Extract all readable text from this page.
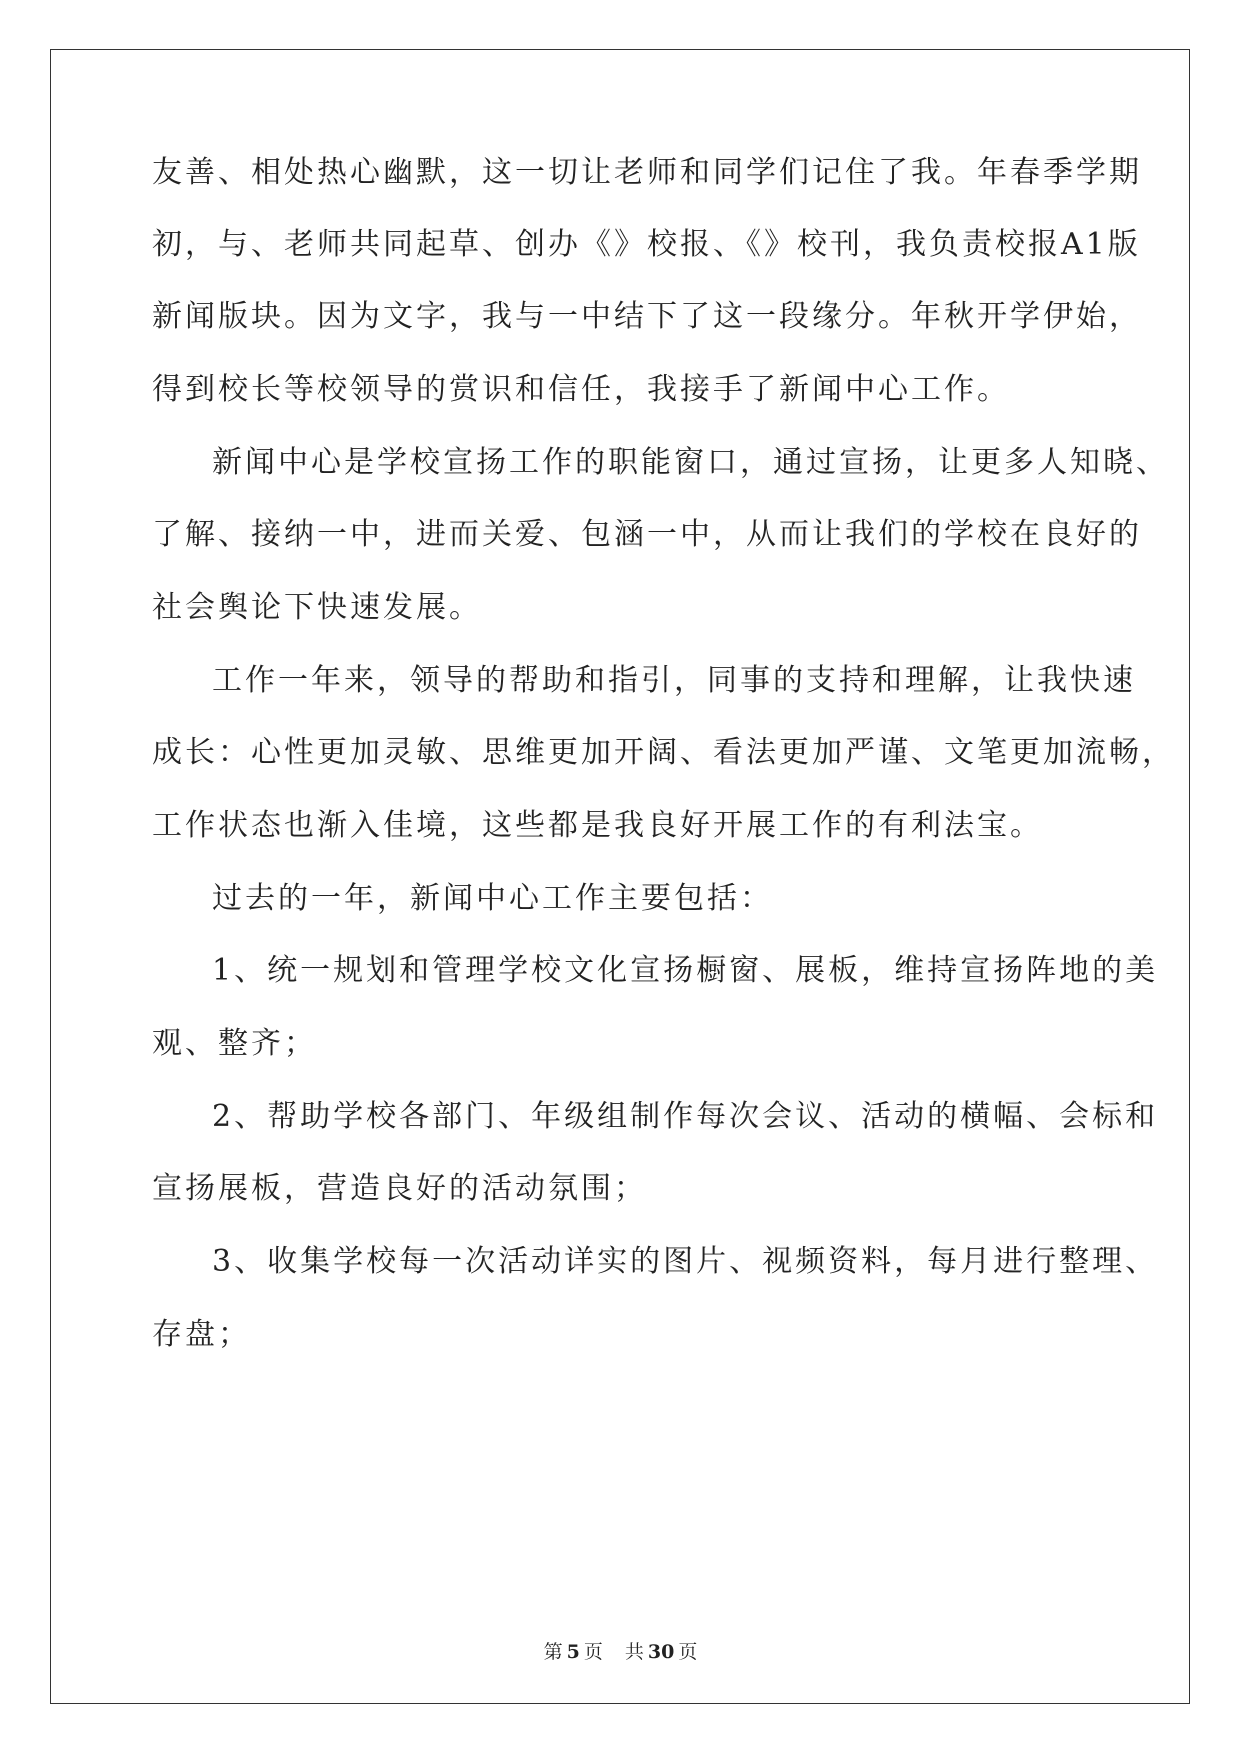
友善、相处热心幽默，这一切让老师和同学们记住了我。年春季学期
初，与、老师共同起草、创办《》校报、《》校刊，我负责校报A1版
新闻版块。因为文字，我与一中结下了这一段缘分。年秋开学伊始，
得到校长等校领导的赏识和信任，我接手了新闻中心工作。
新闻中心是学校宣扬工作的职能窗口，通过宣扬，让更多人知晓、
了解、接纳一中，进而关爱、包涵一中，从而让我们的学校在良好的
社会舆论下快速发展。
工作一年来，领导的帮助和指引，同事的支持和理解，让我快速
成长：心性更加灵敏、思维更加开阔、看法更加严谨、文笔更加流畅，
工作状态也渐入佳境，这些都是我良好开展工作的有利法宝。
过去的一年，新闻中心工作主要包括：
1、统一规划和管理学校文化宣扬橱窗、展板，维持宣扬阵地的美
观、整齐；
2、帮助学校各部门、年级组制作每次会议、活动的横幅、会标和
宣扬展板，营造良好的活动氛围；
3、收集学校每一次活动详实的图片、视频资料，每月进行整理、
存盘；
第 5 页 共 30 页
